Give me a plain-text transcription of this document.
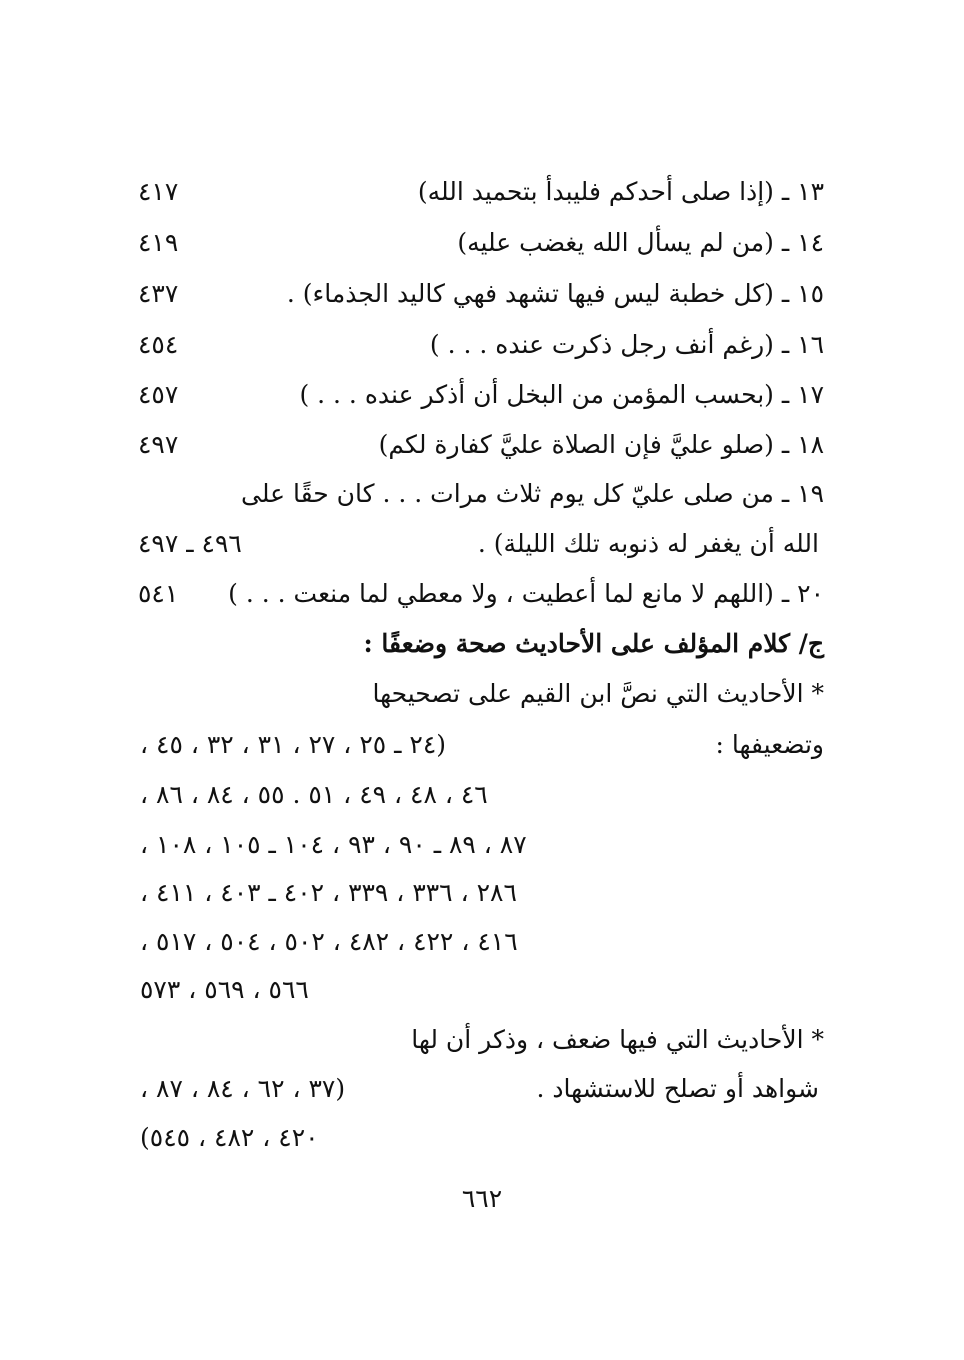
١٣ ـ (إذا صلى أحدكم فليبدأ بتحميد الله)
٤١٧
١٤ ـ (من لم يسأل الله يغضب عليه)
٤١٩
١٥ ـ (كل خطبة ليس فيها تشهد فهي كاليد الجذماء) .
٤٣٧
١٦ ـ (رغم أنف رجل ذكرت عنده . . . )
٤٥٤
١٧ ـ (بحسب المؤمن من البخل أن أذكر عنده . . . )
٤٥٧
١٨ ـ (صلو عليَّ فإن الصلاة عليَّ كفارة لكم)
٤٩٧
١٩ ـ من صلى عليّ كل يوم ثلاث مرات . . . كان حقًا على
الله أن يغفر له ذنوبه تلك الليلة) .
٤٩٦ ـ ٤٩٧
٢٠ ـ (اللهم لا مانع لما أعطيت ، ولا معطي لما منعت . . . )
٥٤١
ج/ كلام المؤلف على الأحاديث صحة وضعفًا :
* الأحاديث التي نصَّ ابن القيم على تصحيحها
وتضعيفها :
(٢٤ ـ ٢٥ ، ٢٧ ، ٣١ ، ٣٢ ، ٤٥ ،
٤٦ ، ٤٨ ، ٤٩ ، ٥١ . ٥٥ ، ٨٤ ، ٨٦ ،
٨٧ ، ٨٩ ـ ٩٠ ، ٩٣ ، ١٠٤ ـ ١٠٥ ، ١٠٨ ،
٢٨٦ ، ٣٣٦ ، ٣٣٩ ، ٤٠٢ ـ ٤٠٣ ، ٤١١ ،
٤١٦ ، ٤٢٢ ، ٤٨٢ ، ٥٠٢ ، ٥٠٤ ، ٥١٧ ،
٥٦٦ ، ٥٦٩ ، ٥٧٣
* الأحاديث التي فيها ضعف ، وذكر أن لها
شواهد أو تصلح للاستشهاد .
(٣٧ ، ٦٢ ، ٨٤ ، ٨٧ ،
٤٢٠ ، ٤٨٢ ، ٥٤٥)
٦٦٢
